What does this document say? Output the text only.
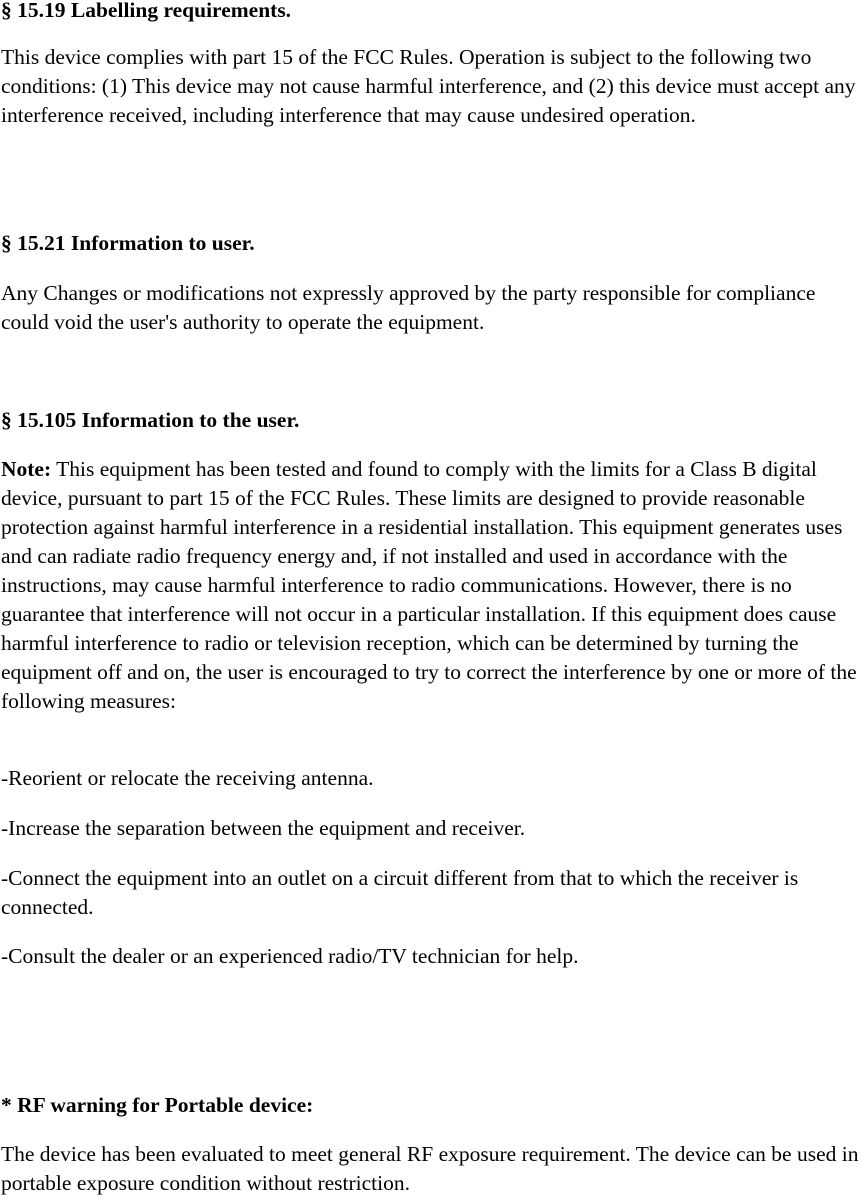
§ 15.19 Labelling requirements.

This device complies with part 15 of the FCC Rules. Operation is subject to the following two conditions: (1) This device may not cause harmful interference, and (2) this device must accept any interference received, including interference that may cause undesired operation.

§ 15.21 Information to user.

Any Changes or modifications not expressly approved by the party responsible for compliance could void the user's authority to operate the equipment.

§ 15.105 Information to the user.

Note: This equipment has been tested and found to comply with the limits for a Class B digital device, pursuant to part 15 of the FCC Rules. These limits are designed to provide reasonable protection against harmful interference in a residential installation. This equipment generates uses and can radiate radio frequency energy and, if not installed and used in accordance with the instructions, may cause harmful interference to radio communications. However, there is no guarantee that interference will not occur in a particular installation. If this equipment does cause harmful interference to radio or television reception, which can be determined by turning the equipment off and on, the user is encouraged to try to correct the interference by one or more of the following measures:

-Reorient or relocate the receiving antenna.

-Increase the separation between the equipment and receiver.

-Connect the equipment into an outlet on a circuit different from that to which the receiver is connected.

-Consult the dealer or an experienced radio/TV technician for help.

* RF warning for Portable device:

The device has been evaluated to meet general RF exposure requirement. The device can be used in portable exposure condition without restriction.
